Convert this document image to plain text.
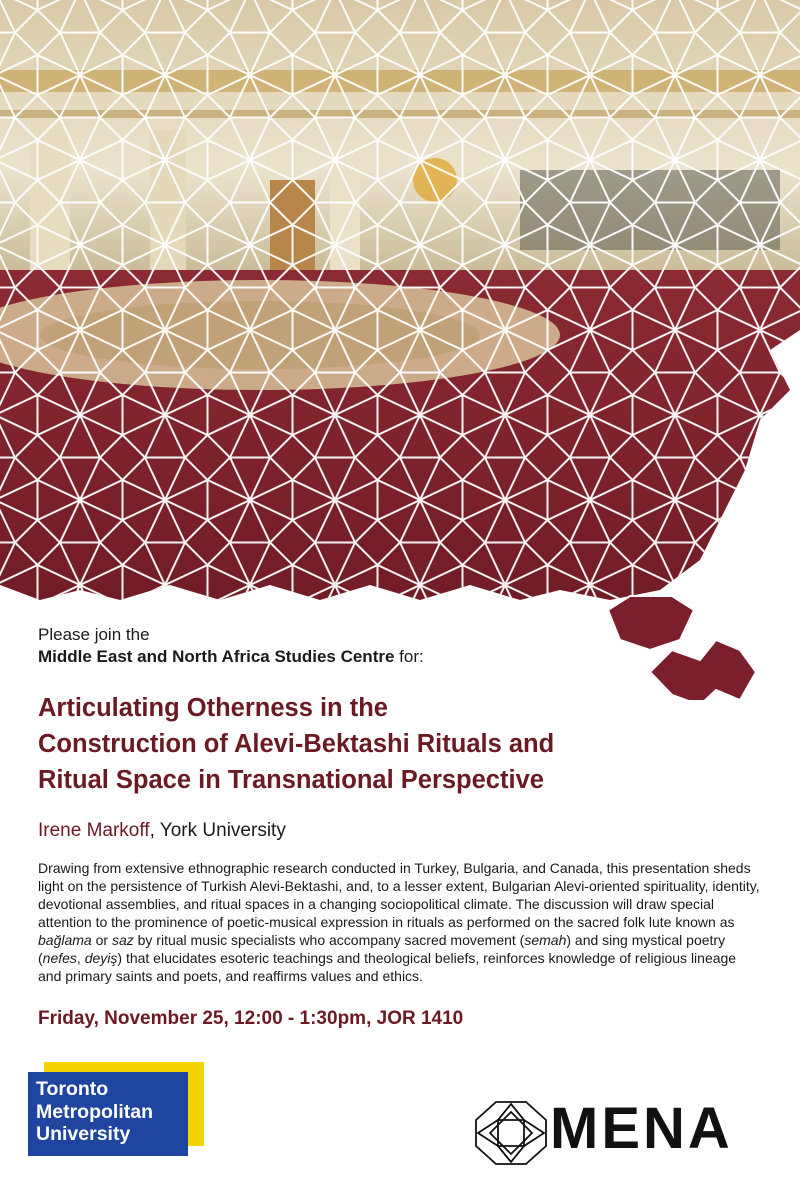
Please join the
Middle East and North Africa Studies Centre for:
Articulating Otherness in the
Construction of Alevi-Bektashi Rituals and
Ritual Space in Transnational Perspective
Irene Markoff, York University
Drawing from extensive ethnographic research conducted in Turkey, Bulgaria, and Canada, this presentation sheds light on the persistence of Turkish Alevi-Bektashi, and, to a lesser extent, Bulgarian Alevi-oriented spirituality, identity, devotional assemblies, and ritual spaces in a changing sociopolitical climate. The discussion will draw special attention to the prominence of poetic-musical expression in rituals as performed on the sacred folk lute known as bağlama or saz by ritual music specialists who accompany sacred movement (semah) and sing mystical poetry (nefes, deyiş) that elucidates esoteric teachings and theological beliefs, reinforces knowledge of religious lineage and primary saints and poets, and reaffirms values and ethics.
Friday, November 25, 12:00 - 1:30pm, JOR 1410
Toronto
Metropolitan
University	MENA
